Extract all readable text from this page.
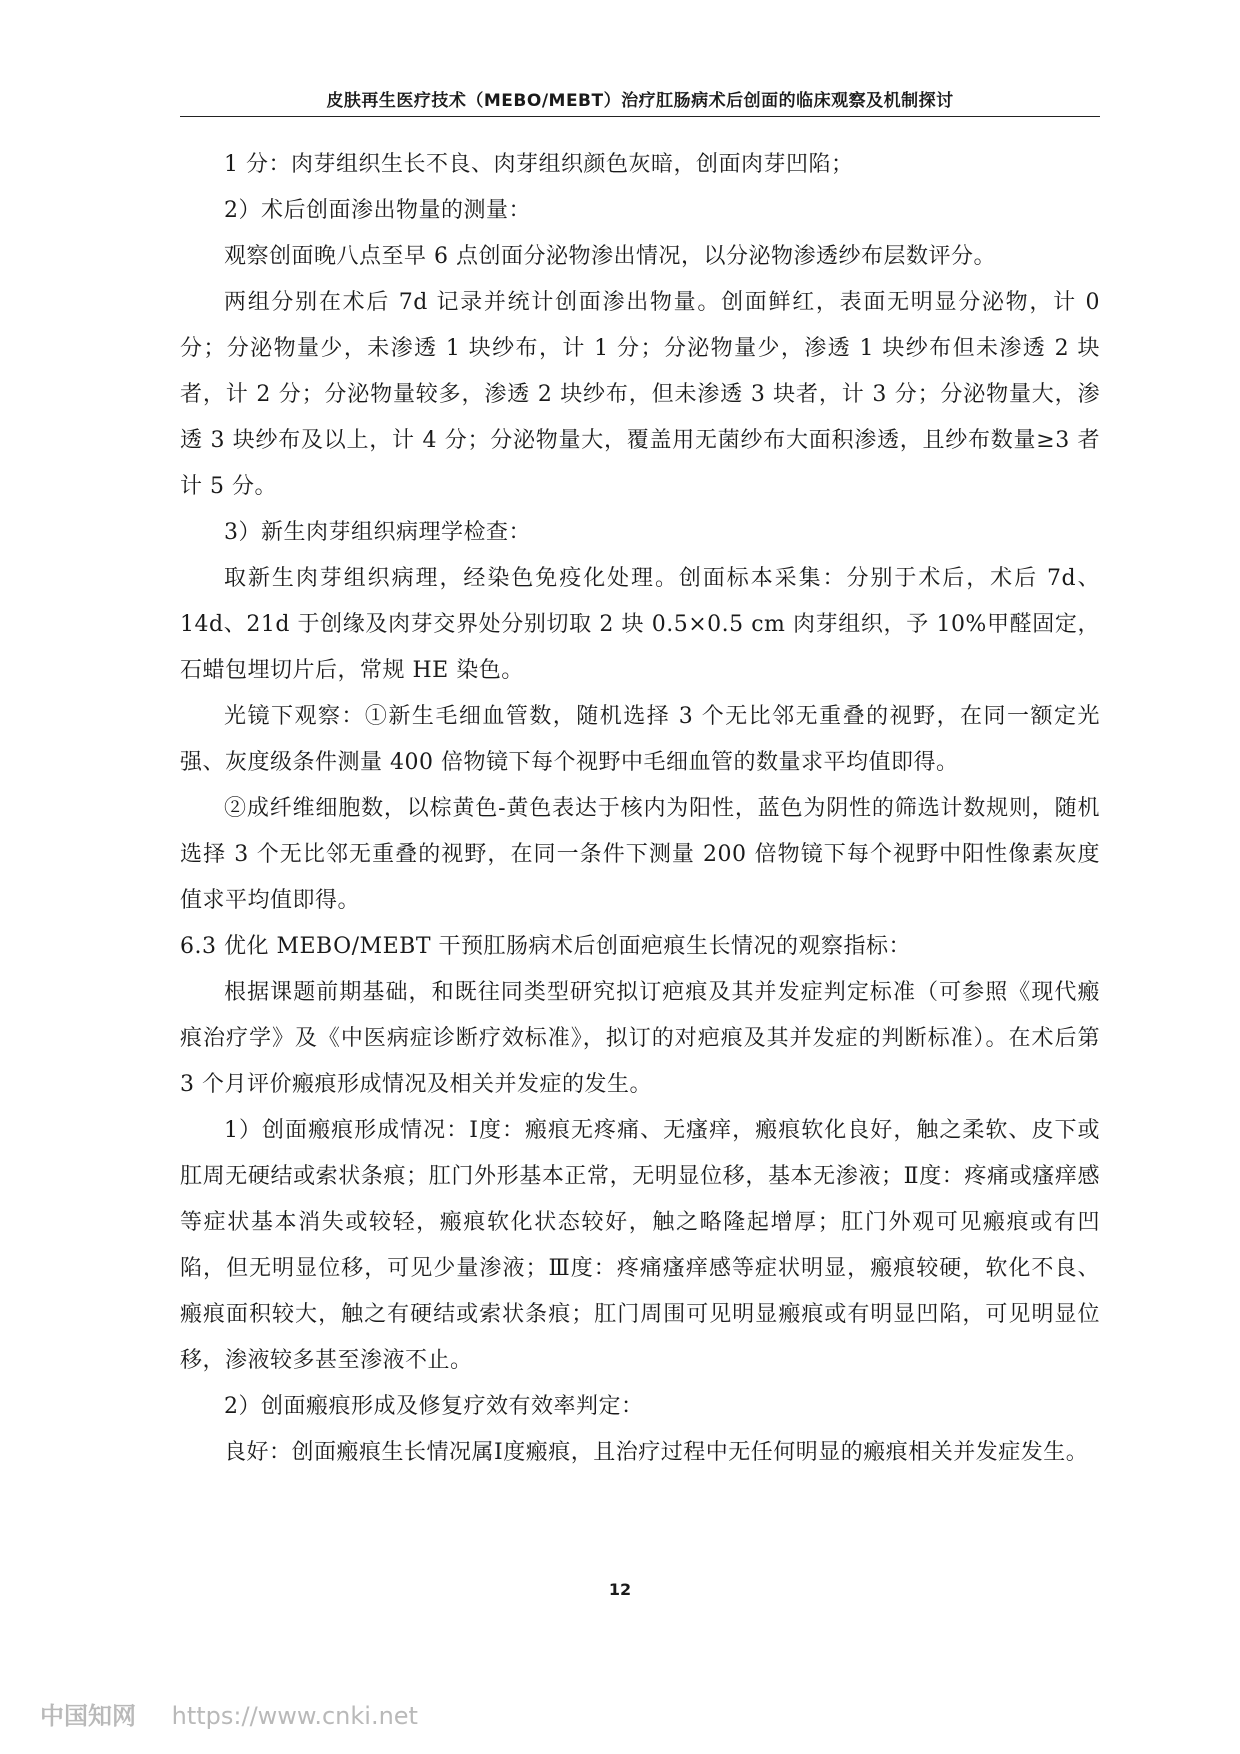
皮肤再生医疗技术（MEBO/MEBT）治疗肛肠病术后创面的临床观察及机制探讨

1 分：肉芽组织生长不良、肉芽组织颜色灰暗，创面肉芽凹陷；

2）术后创面渗出物量的测量：

观察创面晚八点至早 6 点创面分泌物渗出情况，以分泌物渗透纱布层数评分。

两组分别在术后 7d 记录并统计创面渗出物量。创面鲜红，表面无明显分泌物，计 0 分；分泌物量少，未渗透 1 块纱布，计 1 分；分泌物量少，渗透 1 块纱布但未渗透 2 块者，计 2 分；分泌物量较多，渗透 2 块纱布，但未渗透 3 块者，计 3 分；分泌物量大，渗透 3 块纱布及以上，计 4 分；分泌物量大，覆盖用无菌纱布大面积渗透，且纱布数量≥3 者计 5 分。

3）新生肉芽组织病理学检查：

取新生肉芽组织病理，经染色免疫化处理。创面标本采集：分别于术后，术后 7d、14d、21d 于创缘及肉芽交界处分别切取 2 块 0.5×0.5 cm 肉芽组织，予 10%甲醛固定，石蜡包埋切片后，常规 HE 染色。

光镜下观察：①新生毛细血管数，随机选择 3 个无比邻无重叠的视野，在同一额定光强、灰度级条件测量 400 倍物镜下每个视野中毛细血管的数量求平均值即得。

②成纤维细胞数，以棕黄色-黄色表达于核内为阳性，蓝色为阴性的筛选计数规则，随机选择 3 个无比邻无重叠的视野，在同一条件下测量 200 倍物镜下每个视野中阳性像素灰度值求平均值即得。

6.3 优化 MEBO/MEBT 干预肛肠病术后创面疤痕生长情况的观察指标：

根据课题前期基础，和既往同类型研究拟订疤痕及其并发症判定标准（可参照《现代瘢痕治疗学》及《中医病症诊断疗效标准》，拟订的对疤痕及其并发症的判断标准）。在术后第 3 个月评价瘢痕形成情况及相关并发症的发生。

1）创面瘢痕形成情况：Ⅰ度：瘢痕无疼痛、无瘙痒，瘢痕软化良好，触之柔软、皮下或肛周无硬结或索状条痕；肛门外形基本正常，无明显位移，基本无渗液；Ⅱ度：疼痛或瘙痒感等症状基本消失或较轻，瘢痕软化状态较好，触之略隆起增厚；肛门外观可见瘢痕或有凹陷，但无明显位移，可见少量渗液；Ⅲ度：疼痛瘙痒感等症状明显，瘢痕较硬，软化不良、瘢痕面积较大，触之有硬结或索状条痕；肛门周围可见明显瘢痕或有明显凹陷，可见明显位移，渗液较多甚至渗液不止。

2）创面瘢痕形成及修复疗效有效率判定：

良好：创面瘢痕生长情况属Ⅰ度瘢痕，且治疗过程中无任何明显的瘢痕相关并发症发生。

12
中国知网 https://www.cnki.net
